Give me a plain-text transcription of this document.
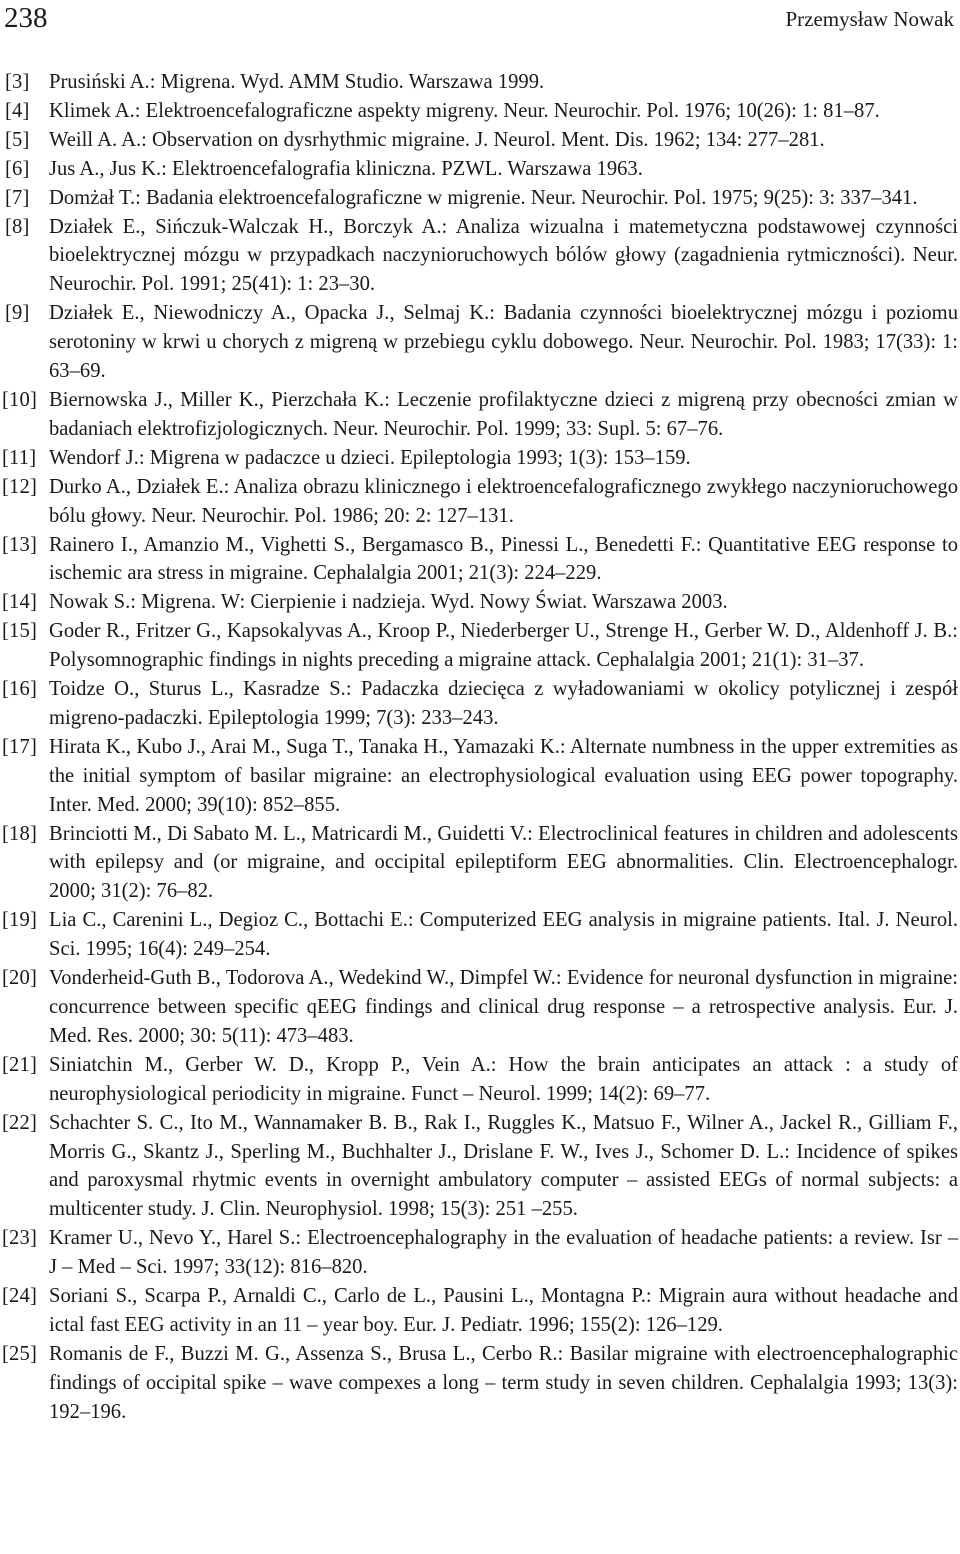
238	Przemysław Nowak
[3] Prusiński A.: Migrena. Wyd. AMM Studio. Warszawa 1999.
[4] Klimek A.: Elektroencefalograficzne aspekty migreny. Neur. Neurochir. Pol. 1976; 10(26): 1: 81–87.
[5] Weill A. A.: Observation on dysrhythmic migraine. J. Neurol. Ment. Dis. 1962; 134: 277–281.
[6] Jus A., Jus K.: Elektroencefalografia kliniczna. PZWL. Warszawa 1963.
[7] Domżał T.: Badania elektroencefalograficzne w migrenie. Neur. Neurochir. Pol. 1975; 9(25): 3: 337–341.
[8] Działek E., Sińczuk-Walczak H., Borczyk A.: Analiza wizualna i matemetyczna podstawowej czynności bioelektrycznej mózgu w przypadkach naczynioruchowych bólów głowy (zagadnienia rytmiczności). Neur. Neurochir. Pol. 1991; 25(41): 1: 23–30.
[9] Działek E., Niewodniczy A., Opacka J., Selmaj K.: Badania czynności bioelektrycznej mózgu i poziomu serotoniny w krwi u chorych z migreną w przebiegu cyklu dobowego. Neur. Neurochir. Pol. 1983; 17(33): 1: 63–69.
[10] Biernowska J., Miller K., Pierzchała K.: Leczenie profilaktyczne dzieci z migreną przy obecności zmian w badaniach elektrofizjologicznych. Neur. Neurochir. Pol. 1999; 33: Supl. 5: 67–76.
[11] Wendorf J.: Migrena w padaczce u dzieci. Epileptologia 1993; 1(3): 153–159.
[12] Durko A., Działek E.: Analiza obrazu klinicznego i elektroencefalograficznego zwykłego naczynioruchowego bólu głowy. Neur. Neurochir. Pol. 1986; 20: 2: 127–131.
[13] Rainero I., Amanzio M., Vighetti S., Bergamasco B., Pinessi L., Benedetti F.: Quantitative EEG response to ischemic ara stress in migraine. Cephalalgia 2001; 21(3): 224–229.
[14] Nowak S.: Migrena. W: Cierpienie i nadzieja. Wyd. Nowy Świat. Warszawa 2003.
[15] Goder R., Fritzer G., Kapsokalyvas A., Kroop P., Niederberger U., Strenge H., Gerber W. D., Aldenhoff J. B.: Polysomnographic findings in nights preceding a migraine attack. Cephalalgia 2001; 21(1): 31–37.
[16] Toidze O., Sturus L., Kasradze S.: Padaczka dziecięca z wyładowaniami w okolicy potylicznej i zespół migreno-padaczki. Epileptologia 1999; 7(3): 233–243.
[17] Hirata K., Kubo J., Arai M., Suga T., Tanaka H., Yamazaki K.: Alternate numbness in the upper extremities as the initial symptom of basilar migraine: an electrophysiological evaluation using EEG power topography. Inter. Med. 2000; 39(10): 852–855.
[18] Brinciotti M., Di Sabato M. L., Matricardi M., Guidetti V.: Electroclinical features in children and adolescents with epilepsy and (or migraine, and occipital epileptiform EEG abnormalities. Clin. Electroencephalogr. 2000; 31(2): 76–82.
[19] Lia C., Carenini L., Degioz C., Bottachi E.: Computerized EEG analysis in migraine patients. Ital. J. Neurol. Sci. 1995; 16(4): 249–254.
[20] Vonderheid-Guth B., Todorova A., Wedekind W., Dimpfel W.: Evidence for neuronal dysfunction in migraine: concurrence between specific qEEG findings and clinical drug response – a retrospective analysis. Eur. J. Med. Res. 2000; 30: 5(11): 473–483.
[21] Siniatchin M., Gerber W. D., Kropp P., Vein A.: How the brain anticipates an attack : a study of neurophysiological periodicity in migraine. Funct – Neurol. 1999; 14(2): 69–77.
[22] Schachter S. C., Ito M., Wannamaker B. B., Rak I., Ruggles K., Matsuo F., Wilner A., Jackel R., Gilliam F., Morris G., Skantz J., Sperling M., Buchhalter J., Drislane F. W., Ives J., Schomer D. L.: Incidence of spikes and paroxysmal rhytmic events in overnight ambulatory computer – assisted EEGs of normal subjects: a multicenter study. J. Clin. Neurophysiol. 1998; 15(3): 251 –255.
[23] Kramer U., Nevo Y., Harel S.: Electroencephalography in the evaluation of headache patients: a review. Isr – J – Med – Sci. 1997; 33(12): 816–820.
[24] Soriani S., Scarpa P., Arnaldi C., Carlo de L., Pausini L., Montagna P.: Migrain aura without headache and ictal fast EEG activity in an 11 – year boy. Eur. J. Pediatr. 1996; 155(2): 126–129.
[25] Romanis de F., Buzzi M. G., Assenza S., Brusa L., Cerbo R.: Basilar migraine with electroencephalographic findings of occipital spike – wave compexes a long – term study in seven children. Cephalalgia 1993; 13(3): 192–196.
